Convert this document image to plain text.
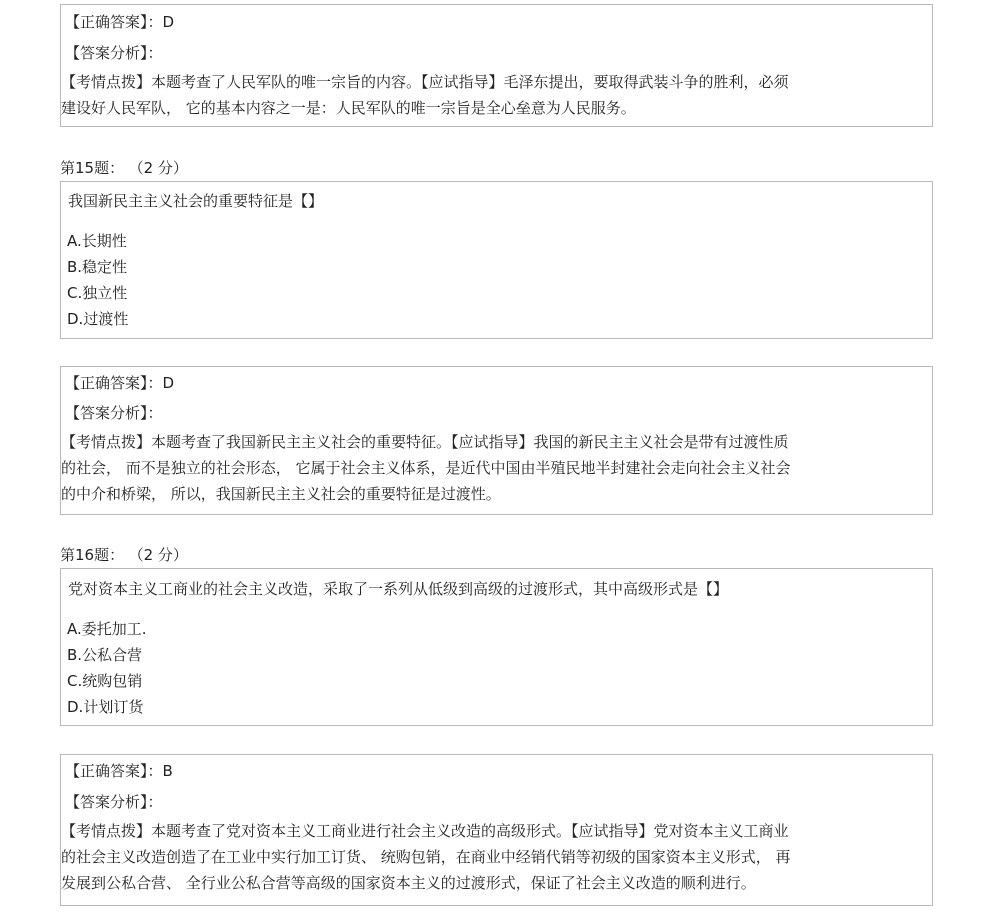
【正确答案】：D
【答案分析】：
【考情点拨】本题考查了人民军队的唯一宗旨的内容。【应试指导】毛泽东提出，要取得武装斗争的胜利，必须
建设好人民军队， 它的基本内容之一是：人民军队的唯一宗旨是全心垒意为人民服务。
第15题： （2 分）
我国新民主主义社会的重要特征是【】
A.长期性
B.稳定性
C.独立性
D.过渡性
【正确答案】：D
【答案分析】：
【考情点拨】本题考查了我国新民主主义社会的重要特征。【应试指导】我国的新民主主义社会是带有过渡性质
的社会， 而不是独立的社会形态， 它属于社会主义体系，是近代中国由半殖民地半封建社会走向社会主义社会
的中介和桥梁， 所以，我国新民主主义社会的重要特征是过渡性。
第16题： （2 分）
党对资本主义工商业的社会主义改造，采取了一系列从低级到高级的过渡形式，其中高级形式是【】
A.委托加工.
B.公私合营
C.统购包销
D.计划订货
【正确答案】：B
【答案分析】：
【考情点拨】本题考查了党对资本主义工商业进行社会主义改造的高级形式。【应试指导】党对资本主义工商业
的社会主义改造创造了在工业中实行加工订货、 统购包销，在商业中经销代销等初级的国家资本主义形式， 再
发展到公私合营、 全行业公私合营等高级的国家资本主义的过渡形式，保证了社会主义改造的顺利进行。
